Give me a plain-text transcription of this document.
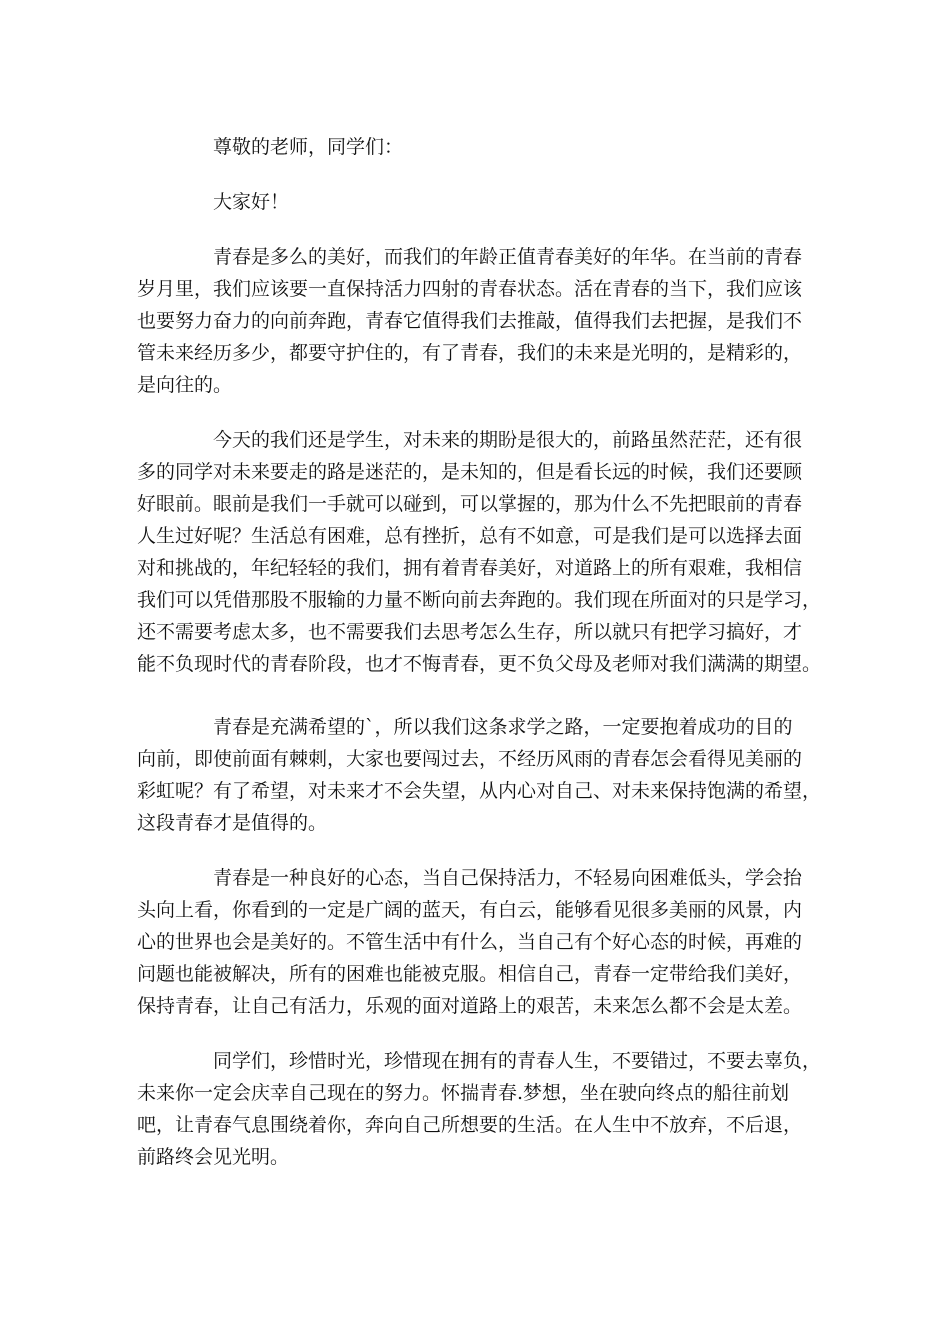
尊敬的老师，同学们：
大家好！
青春是多么的美好，而我们的年龄正值青春美好的年华。在当前的青春
岁月里，我们应该要一直保持活力四射的青春状态。活在青春的当下，我们应该
也要努力奋力的向前奔跑，青春它值得我们去推敲，值得我们去把握，是我们不
管未来经历多少，都要守护住的，有了青春，我们的未来是光明的，是精彩的，
是向往的。
今天的我们还是学生，对未来的期盼是很大的，前路虽然茫茫，还有很
多的同学对未来要走的路是迷茫的，是未知的，但是看长远的时候，我们还要顾
好眼前。眼前是我们一手就可以碰到，可以掌握的，那为什么不先把眼前的青春
人生过好呢？生活总有困难，总有挫折，总有不如意，可是我们是可以选择去面
对和挑战的，年纪轻轻的我们，拥有着青春美好，对道路上的所有艰难，我相信
我们可以凭借那股不服输的力量不断向前去奔跑的。我们现在所面对的只是学习，
还不需要考虑太多，也不需要我们去思考怎么生存，所以就只有把学习搞好，才
能不负现时代的青春阶段，也才不悔青春，更不负父母及老师对我们满满的期望。
青春是充满希望的`，所以我们这条求学之路，一定要抱着成功的目的
向前，即使前面有棘刺，大家也要闯过去，不经历风雨的青春怎会看得见美丽的
彩虹呢？有了希望，对未来才不会失望，从内心对自己、对未来保持饱满的希望，
这段青春才是值得的。
青春是一种良好的心态，当自己保持活力，不轻易向困难低头，学会抬
头向上看，你看到的一定是广阔的蓝天，有白云，能够看见很多美丽的风景，内
心的世界也会是美好的。不管生活中有什么，当自己有个好心态的时候，再难的
问题也能被解决，所有的困难也能被克服。相信自己，青春一定带给我们美好，
保持青春，让自己有活力，乐观的面对道路上的艰苦，未来怎么都不会是太差。
同学们，珍惜时光，珍惜现在拥有的青春人生，不要错过，不要去辜负，
未来你一定会庆幸自己现在的努力。怀揣青春.梦想，坐在驶向终点的船往前划
吧，让青春气息围绕着你，奔向自己所想要的生活。在人生中不放弃，不后退，
前路终会见光明。
